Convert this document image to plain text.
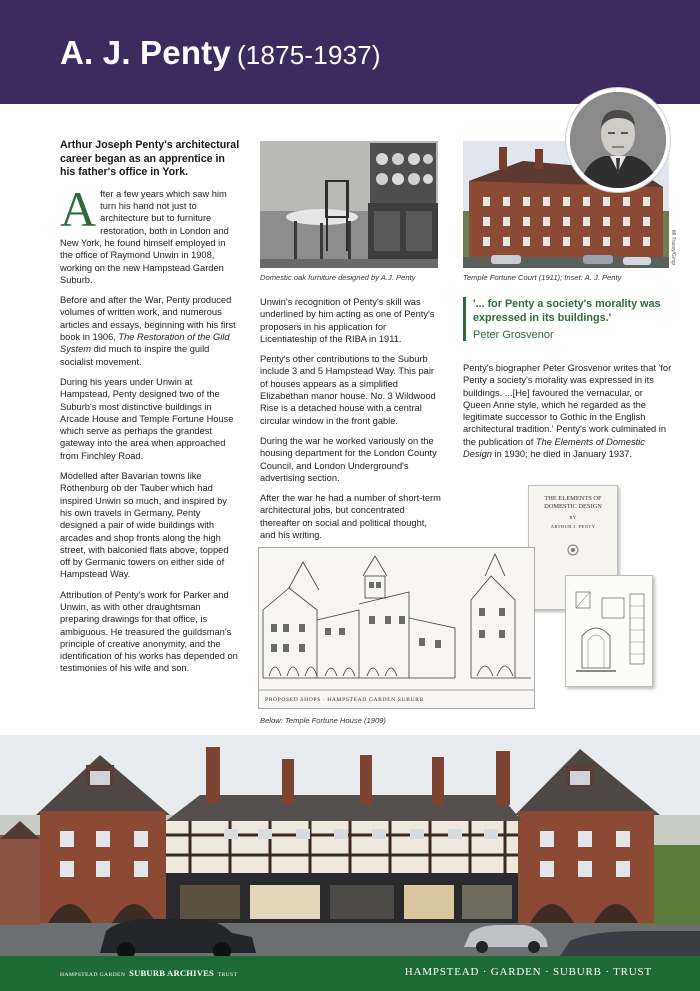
A. J. Penty (1875-1937)

Arthur Joseph Penty's architectural career began as an apprentice in his father's office in York.

After a few years which saw him turn his hand not just to architecture but to furniture restoration, both in London and New York, he found himself employed in the office of Raymond Unwin in 1908, working on the new Hampstead Garden Suburb.

Before and after the War, Penty produced volumes of written work, and numerous articles and essays, beginning with his first book in 1906, The Restoration of the Gild System did much to inspire the guild socialist movement.

During his years under Unwin at Hampstead, Penty designed two of the Suburb's most distinctive buildings in Arcade House and Temple Fortune House which serve as perhaps the grandest gateway into the area when approached from Finchley Road.

Modelled after Bavarian towns like Rothenburg ob der Tauber which had inspired Unwin so much, and inspired by his own travels in Germany, Penty designed a pair of wide buildings with arcades and shop fronts along the high street, with balconied flats above, topped off by Germanic towers on either side of Hampstead Way.

Attribution of Penty's work for Parker and Unwin, as with other draughtsman preparing drawings for that office, is ambiguous. He treasured the guildsman's principle of creative anonymity, and the identification of his works has depended on testimonies of his wife and son.

Domestic oak furniture designed by A.J. Penty	Temple Fortune Court (1911); Inset: A. J. Penty
Ml Tracey/Gingr

Unwin's recognition of Penty's skill was underlined by him acting as one of Penty's proposers in his application for Licentiateship of the RIBA in 1911.

Penty's other contributions to the Suburb include 3 and 5 Hampstead Way. This pair of houses appears as a simplified Elizabethan manor house. No. 3 Wildwood Rise is a detached house with a central circular window in the front gable.

During the war he worked variously on the housing department for the London County Council, and London Underground's advertising section.

After the war he had a number of short-term architectural jobs, but concentrated thereafter on social and political thought, and his writing.

'... for Penty a society's morality was expressed in its buildings.'
Peter Grosvenor

Penty's biographer Peter Grosvenor writes that 'for Penty a society's morality was expressed in its buildings. ...[He] favoured the vernacular, or Queen Anne style, which he regarded as the legitimate successor to Gothic in the English architectural tradition.' Penty's work culminated in the publication of The Elements of Domestic Design in 1930; he died in January 1937.

THE ELEMENTS OF DOMESTIC DESIGN
BY
ARTHUR J. PENTY
PROPOSED SHOPS · HAMPSTEAD GARDEN SUBURB
Below: Temple Fortune House (1909)
HAMPSTEAD GARDEN SUBURB ARCHIVES TRUST	HAMPSTEAD · GARDEN · SUBURB · TRUST
